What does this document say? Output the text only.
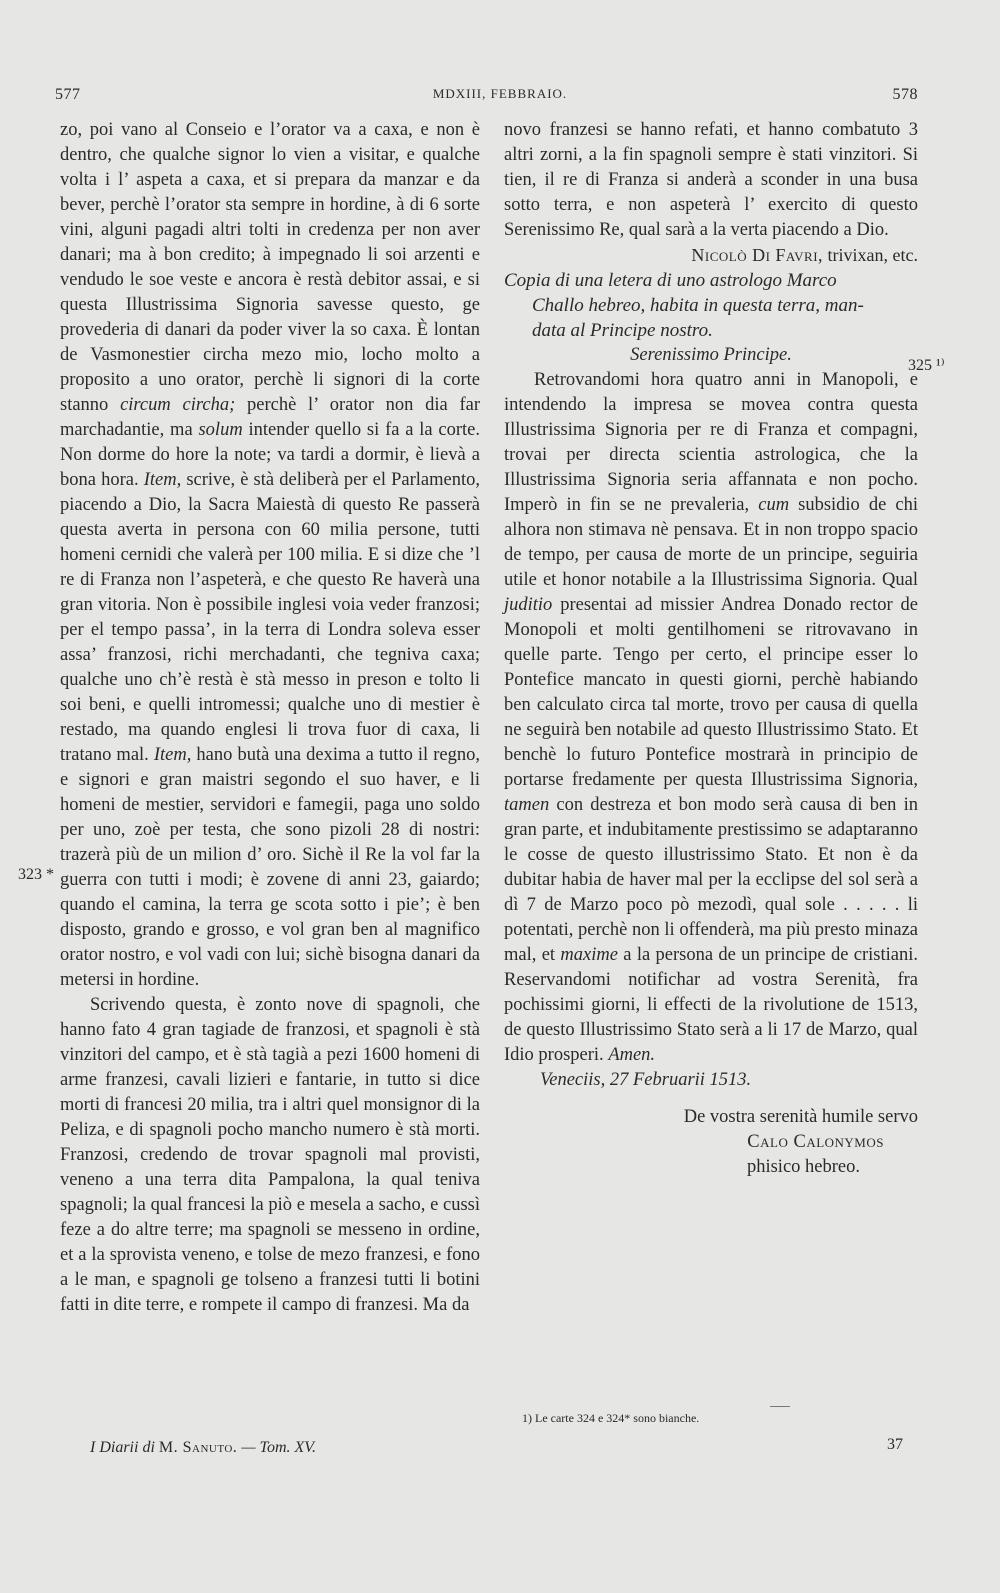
577	MDXIII, FEBBRAIO.	578

zo, poi vano al Conseio e l’orator va a caxa, e non è dentro, che qualche signor lo vien a visitar, e qualche volta i l’ aspeta a caxa, et si prepara da manzar e da bever, perchè l’orator sta sempre in hordine, à di 6 sorte vini, alguni pagadi altri tolti in credenza per non aver danari; ma à bon credito; à impegnado li soi arzenti e vendudo le soe veste e ancora è restà debitor assai, e si questa Illustrissima Signoria savesse questo, ge provederia di danari da poder viver la so caxa. È lontan de Vasmonestier circha mezo mio, locho molto a proposito a uno orator, perchè li signori di la corte stanno circum circha; perchè l’ orator non dia far marchadantie, ma solum intender quello si fa a la corte. Non dorme do hore la note; va tardi a dormir, è lievà a bona hora. Item, scrive, è stà deliberà per el Parlamento, piacendo a Dio, la Sacra Maiestà di questo Re passerà questa averta in persona con 60 milia persone, tutti homeni cernidi che valerà per 100 milia. E si dize che ’l re di Franza non l’aspeterà, e che questo Re haverà una gran vitoria. Non è possibile inglesi voia veder franzosi; per el tempo passa’, in la terra di Londra soleva esser assa’ franzosi, richi merchadanti, che tegniva caxa; qualche uno ch’è restà è stà messo in preson e tolto li soi beni, e quelli intromessi; qualche uno di mestier è restado, ma quando englesi li trova fuor di caxa, li tratano mal. Item, hano butà una dexima a tutto il regno, e signori e gran maistri segondo el suo haver, e li homeni de mestier, servidori e famegii, paga uno soldo per uno, zoè per testa, che sono pizoli 28 di nostri: trazerà più de un milion d’ oro. Sichè il Re la vol far la guerra con tutti i modi; è zovene di anni 23, gaiardo; quando el camina, la terra ge scota sotto i pie’; è ben disposto, grando e grosso, e vol gran ben al magnifico orator nostro, e vol vadi con lui; sichè bisogna danari da metersi in hordine.

Scrivendo questa, è zonto nove di spagnoli, che hanno fato 4 gran tagiade de franzosi, et spagnoli è stà vinzitori del campo, et è stà tagià a pezi 1600 homeni di arme franzesi, cavali lizieri e fantarie, in tutto si dice morti di francesi 20 milia, tra i altri quel monsignor di la Peliza, e di spagnoli pocho mancho numero è stà morti. Franzosi, credendo de trovar spagnoli mal provisti, veneno a una terra dita Pampalona, la qual teniva spagnoli; la qual francesi la piò e mesela a sacho, e cussì feze a do altre terre; ma spagnoli se messeno in ordine, et a la sprovista veneno, e tolse de mezo franzesi, e fono a le man, e spagnoli ge tolseno a franzesi tutti li botini fatti in dite terre, e rompete il campo di franzesi. Ma da

novo franzesi se hanno refati, et hanno combatuto 3 altri zorni, a la fin spagnoli sempre è stati vinzitori. Si tien, il re di Franza si anderà a sconder in una busa sotto terra, e non aspeterà l’ exercito di questo Serenissimo Re, qual sarà a la verta piacendo a Dio.

Nicolò Di Favri, trivixan, etc.

Copia di una letera di uno astrologo Marco
Challo hebreo, habita in questa terra, man-
data al Principe nostro.

Serenissimo Principe.

Retrovandomi hora quatro anni in Manopoli, e intendendo la impresa se movea contra questa Illustrissima Signoria per re di Franza et compagni, trovai per directa scientia astrologica, che la Illustrissima Signoria seria affannata e non pocho. Imperò in fin se ne prevaleria, cum subsidio de chi alhora non stimava nè pensava. Et in non troppo spacio de tempo, per causa de morte de un principe, seguiria utile et honor notabile a la Illustrissima Signoria. Qual juditio presentai ad missier Andrea Donado rector de Monopoli et molti gentilhomeni se ritrovavano in quelle parte. Tengo per certo, el principe esser lo Pontefice mancato in questi giorni, perchè habiando ben calculato circa tal morte, trovo per causa di quella ne seguirà ben notabile ad questo Illustrissimo Stato. Et benchè lo futuro Pontefice mostrarà in principio de portarse fredamente per questa Illustrissima Signoria, tamen con destreza et bon modo serà causa di ben in gran parte, et indubitamente prestissimo se adaptaranno le cosse de questo illustrissimo Stato. Et non è da dubitar habia de haver mal per la ecclipse del sol serà a dì 7 de Marzo poco pò mezodì, qual sole . . . . . li potentati, perchè non li offenderà, ma più presto minaza mal, et maxime a la persona de un principe de cristiani. Reservandomi notifichar ad vostra Serenità, fra pochissimi giorni, li effecti de la rivolutione de 1513, de questo Illustrissimo Stato serà a li 17 de Marzo, qual Idio prosperi. Amen.

Veneciis, 27 Februarii 1513.

De vostra serenità humile servo
Calo Calonymos
phisico hebreo.
323 *
325 ¹⁾
1) Le carte 324 e 324* sono bianche.
I Diarii di M. Sanuto. — Tom. XV.	37
